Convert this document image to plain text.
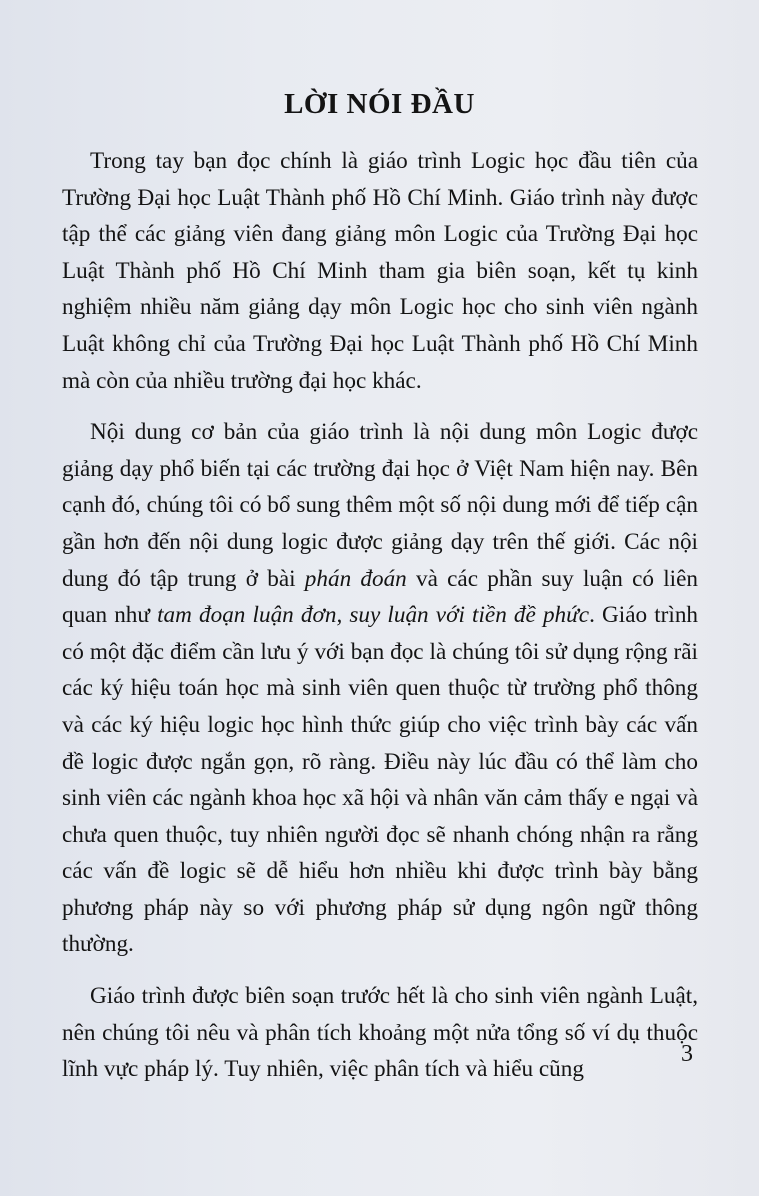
LỜI NÓI ĐẦU

Trong tay bạn đọc chính là giáo trình Logic học đầu tiên của Trường Đại học Luật Thành phố Hồ Chí Minh. Giáo trình này được tập thể các giảng viên đang giảng môn Logic của Trường Đại học Luật Thành phố Hồ Chí Minh tham gia biên soạn, kết tụ kinh nghiệm nhiều năm giảng dạy môn Logic học cho sinh viên ngành Luật không chỉ của Trường Đại học Luật Thành phố Hồ Chí Minh mà còn của nhiều trường đại học khác.

Nội dung cơ bản của giáo trình là nội dung môn Logic được giảng dạy phổ biến tại các trường đại học ở Việt Nam hiện nay. Bên cạnh đó, chúng tôi có bổ sung thêm một số nội dung mới để tiếp cận gần hơn đến nội dung logic được giảng dạy trên thế giới. Các nội dung đó tập trung ở bài phán đoán và các phần suy luận có liên quan như tam đoạn luận đơn, suy luận với tiền đề phức. Giáo trình có một đặc điểm cần lưu ý với bạn đọc là chúng tôi sử dụng rộng rãi các ký hiệu toán học mà sinh viên quen thuộc từ trường phổ thông và các ký hiệu logic học hình thức giúp cho việc trình bày các vấn đề logic được ngắn gọn, rõ ràng. Điều này lúc đầu có thể làm cho sinh viên các ngành khoa học xã hội và nhân văn cảm thấy e ngại và chưa quen thuộc, tuy nhiên người đọc sẽ nhanh chóng nhận ra rằng các vấn đề logic sẽ dễ hiểu hơn nhiều khi được trình bày bằng phương pháp này so với phương pháp sử dụng ngôn ngữ thông thường.

Giáo trình được biên soạn trước hết là cho sinh viên ngành Luật, nên chúng tôi nêu và phân tích khoảng một nửa tổng số ví dụ thuộc lĩnh vực pháp lý. Tuy nhiên, việc phân tích và hiểu cũng

3
